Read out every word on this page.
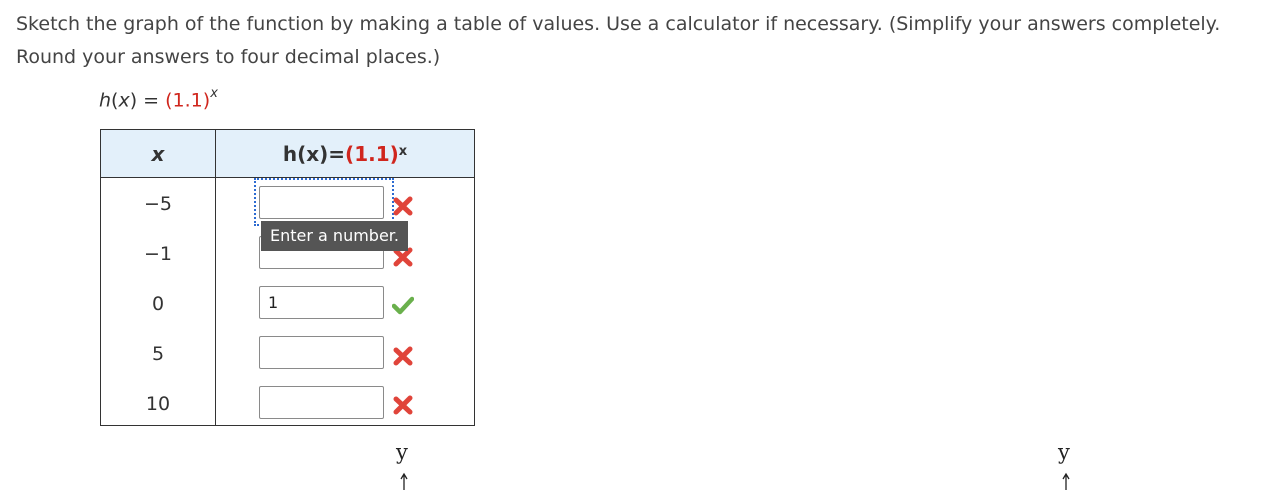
Sketch the graph of the function by making a table of values. Use a calculator if necessary. (Simplify your answers completely. Round your answers to four decimal places.)
$h(x) = (1.1)^x$
x	h ( x ) = $(1.1)^x$
−5
−1
0
1
5
10
Enter a number.
y	y
